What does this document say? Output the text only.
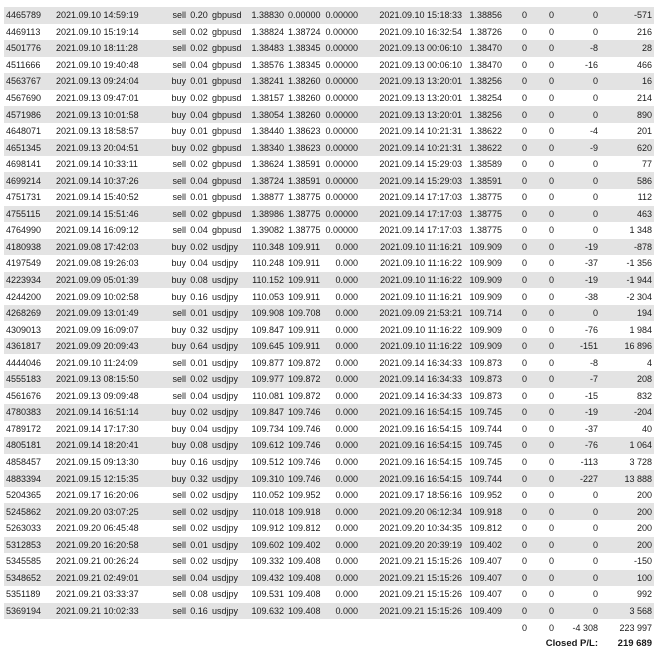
4465789	2021.09.10 14:59:19	sell	0.20	gbpusd	1.38830	0.00000	0.00000	2021.09.10 15:18:33	1.38856	0	0	0	-571
4469113	2021.09.10 15:19:14	sell	0.02	gbpusd	1.38824	1.38724	0.00000	2021.09.10 16:32:54	1.38726	0	0	0	216
4501776	2021.09.10 18:11:28	sell	0.02	gbpusd	1.38483	1.38345	0.00000	2021.09.13 00:06:10	1.38470	0	0	-8	28
4511666	2021.09.10 19:40:48	sell	0.04	gbpusd	1.38576	1.38345	0.00000	2021.09.13 00:06:10	1.38470	0	0	-16	466
4563767	2021.09.13 09:24:04	buy	0.01	gbpusd	1.38241	1.38260	0.00000	2021.09.13 13:20:01	1.38256	0	0	0	16
4567690	2021.09.13 09:47:01	buy	0.02	gbpusd	1.38157	1.38260	0.00000	2021.09.13 13:20:01	1.38254	0	0	0	214
4571986	2021.09.13 10:01:58	buy	0.04	gbpusd	1.38054	1.38260	0.00000	2021.09.13 13:20:01	1.38256	0	0	0	890
4648071	2021.09.13 18:58:57	buy	0.01	gbpusd	1.38440	1.38623	0.00000	2021.09.14 10:21:31	1.38622	0	0	-4	201
4651345	2021.09.13 20:04:51	buy	0.02	gbpusd	1.38340	1.38623	0.00000	2021.09.14 10:21:31	1.38622	0	0	-9	620
4698141	2021.09.14 10:33:11	sell	0.02	gbpusd	1.38624	1.38591	0.00000	2021.09.14 15:29:03	1.38589	0	0	0	77
4699214	2021.09.14 10:37:26	sell	0.04	gbpusd	1.38724	1.38591	0.00000	2021.09.14 15:29:03	1.38591	0	0	0	586
4751731	2021.09.14 15:40:52	sell	0.01	gbpusd	1.38877	1.38775	0.00000	2021.09.14 17:17:03	1.38775	0	0	0	112
4755115	2021.09.14 15:51:46	sell	0.02	gbpusd	1.38986	1.38775	0.00000	2021.09.14 17:17:03	1.38775	0	0	0	463
4764990	2021.09.14 16:09:12	sell	0.04	gbpusd	1.39082	1.38775	0.00000	2021.09.14 17:17:03	1.38775	0	0	0	1 348
4180938	2021.09.08 17:42:03	buy	0.02	usdjpy	110.348	109.911	0.000	2021.09.10 11:16:21	109.909	0	0	-19	-878
4197549	2021.09.08 19:26:03	buy	0.04	usdjpy	110.248	109.911	0.000	2021.09.10 11:16:22	109.909	0	0	-37	-1 356
4223934	2021.09.09 05:01:39	buy	0.08	usdjpy	110.152	109.911	0.000	2021.09.10 11:16:22	109.909	0	0	-19	-1 944
4244200	2021.09.09 10:02:58	buy	0.16	usdjpy	110.053	109.911	0.000	2021.09.10 11:16:21	109.909	0	0	-38	-2 304
4268269	2021.09.09 13:01:49	sell	0.01	usdjpy	109.908	109.708	0.000	2021.09.09 21:53:21	109.714	0	0	0	194
4309013	2021.09.09 16:09:07	buy	0.32	usdjpy	109.847	109.911	0.000	2021.09.10 11:16:22	109.909	0	0	-76	1 984
4361817	2021.09.09 20:09:43	buy	0.64	usdjpy	109.645	109.911	0.000	2021.09.10 11:16:22	109.909	0	0	-151	16 896
4444046	2021.09.10 11:24:09	sell	0.01	usdjpy	109.877	109.872	0.000	2021.09.14 16:34:33	109.873	0	0	-8	4
4555183	2021.09.13 08:15:50	sell	0.02	usdjpy	109.977	109.872	0.000	2021.09.14 16:34:33	109.873	0	0	-7	208
4561676	2021.09.13 09:09:48	sell	0.04	usdjpy	110.081	109.872	0.000	2021.09.14 16:34:33	109.873	0	0	-15	832
4780383	2021.09.14 16:51:14	buy	0.02	usdjpy	109.847	109.746	0.000	2021.09.16 16:54:15	109.745	0	0	-19	-204
4789172	2021.09.14 17:17:30	buy	0.04	usdjpy	109.734	109.746	0.000	2021.09.16 16:54:15	109.744	0	0	-37	40
4805181	2021.09.14 18:20:41	buy	0.08	usdjpy	109.612	109.746	0.000	2021.09.16 16:54:15	109.745	0	0	-76	1 064
4858457	2021.09.15 09:13:30	buy	0.16	usdjpy	109.512	109.746	0.000	2021.09.16 16:54:15	109.745	0	0	-113	3 728
4883394	2021.09.15 12:15:35	buy	0.32	usdjpy	109.310	109.746	0.000	2021.09.16 16:54:15	109.744	0	0	-227	13 888
5204365	2021.09.17 16:20:06	sell	0.02	usdjpy	110.052	109.952	0.000	2021.09.17 18:56:16	109.952	0	0	0	200
5245862	2021.09.20 03:07:25	sell	0.02	usdjpy	110.018	109.918	0.000	2021.09.20 06:12:34	109.918	0	0	0	200
5263033	2021.09.20 06:45:48	sell	0.02	usdjpy	109.912	109.812	0.000	2021.09.20 10:34:35	109.812	0	0	0	200
5312853	2021.09.20 16:20:58	sell	0.01	usdjpy	109.602	109.402	0.000	2021.09.20 20:39:19	109.402	0	0	0	200
5345585	2021.09.21 00:26:24	sell	0.02	usdjpy	109.332	109.408	0.000	2021.09.21 15:15:26	109.407	0	0	0	-150
5348652	2021.09.21 02:49:01	sell	0.04	usdjpy	109.432	109.408	0.000	2021.09.21 15:15:26	109.407	0	0	0	100
5351189	2021.09.21 03:33:37	sell	0.08	usdjpy	109.531	109.408	0.000	2021.09.21 15:15:26	109.407	0	0	0	992
5369194	2021.09.21 10:02:33	sell	0.16	usdjpy	109.632	109.408	0.000	2021.09.21 15:15:26	109.409	0	0	0	3 568
										0	0	-4 308	223 997
										Closed P/L:			219 689
